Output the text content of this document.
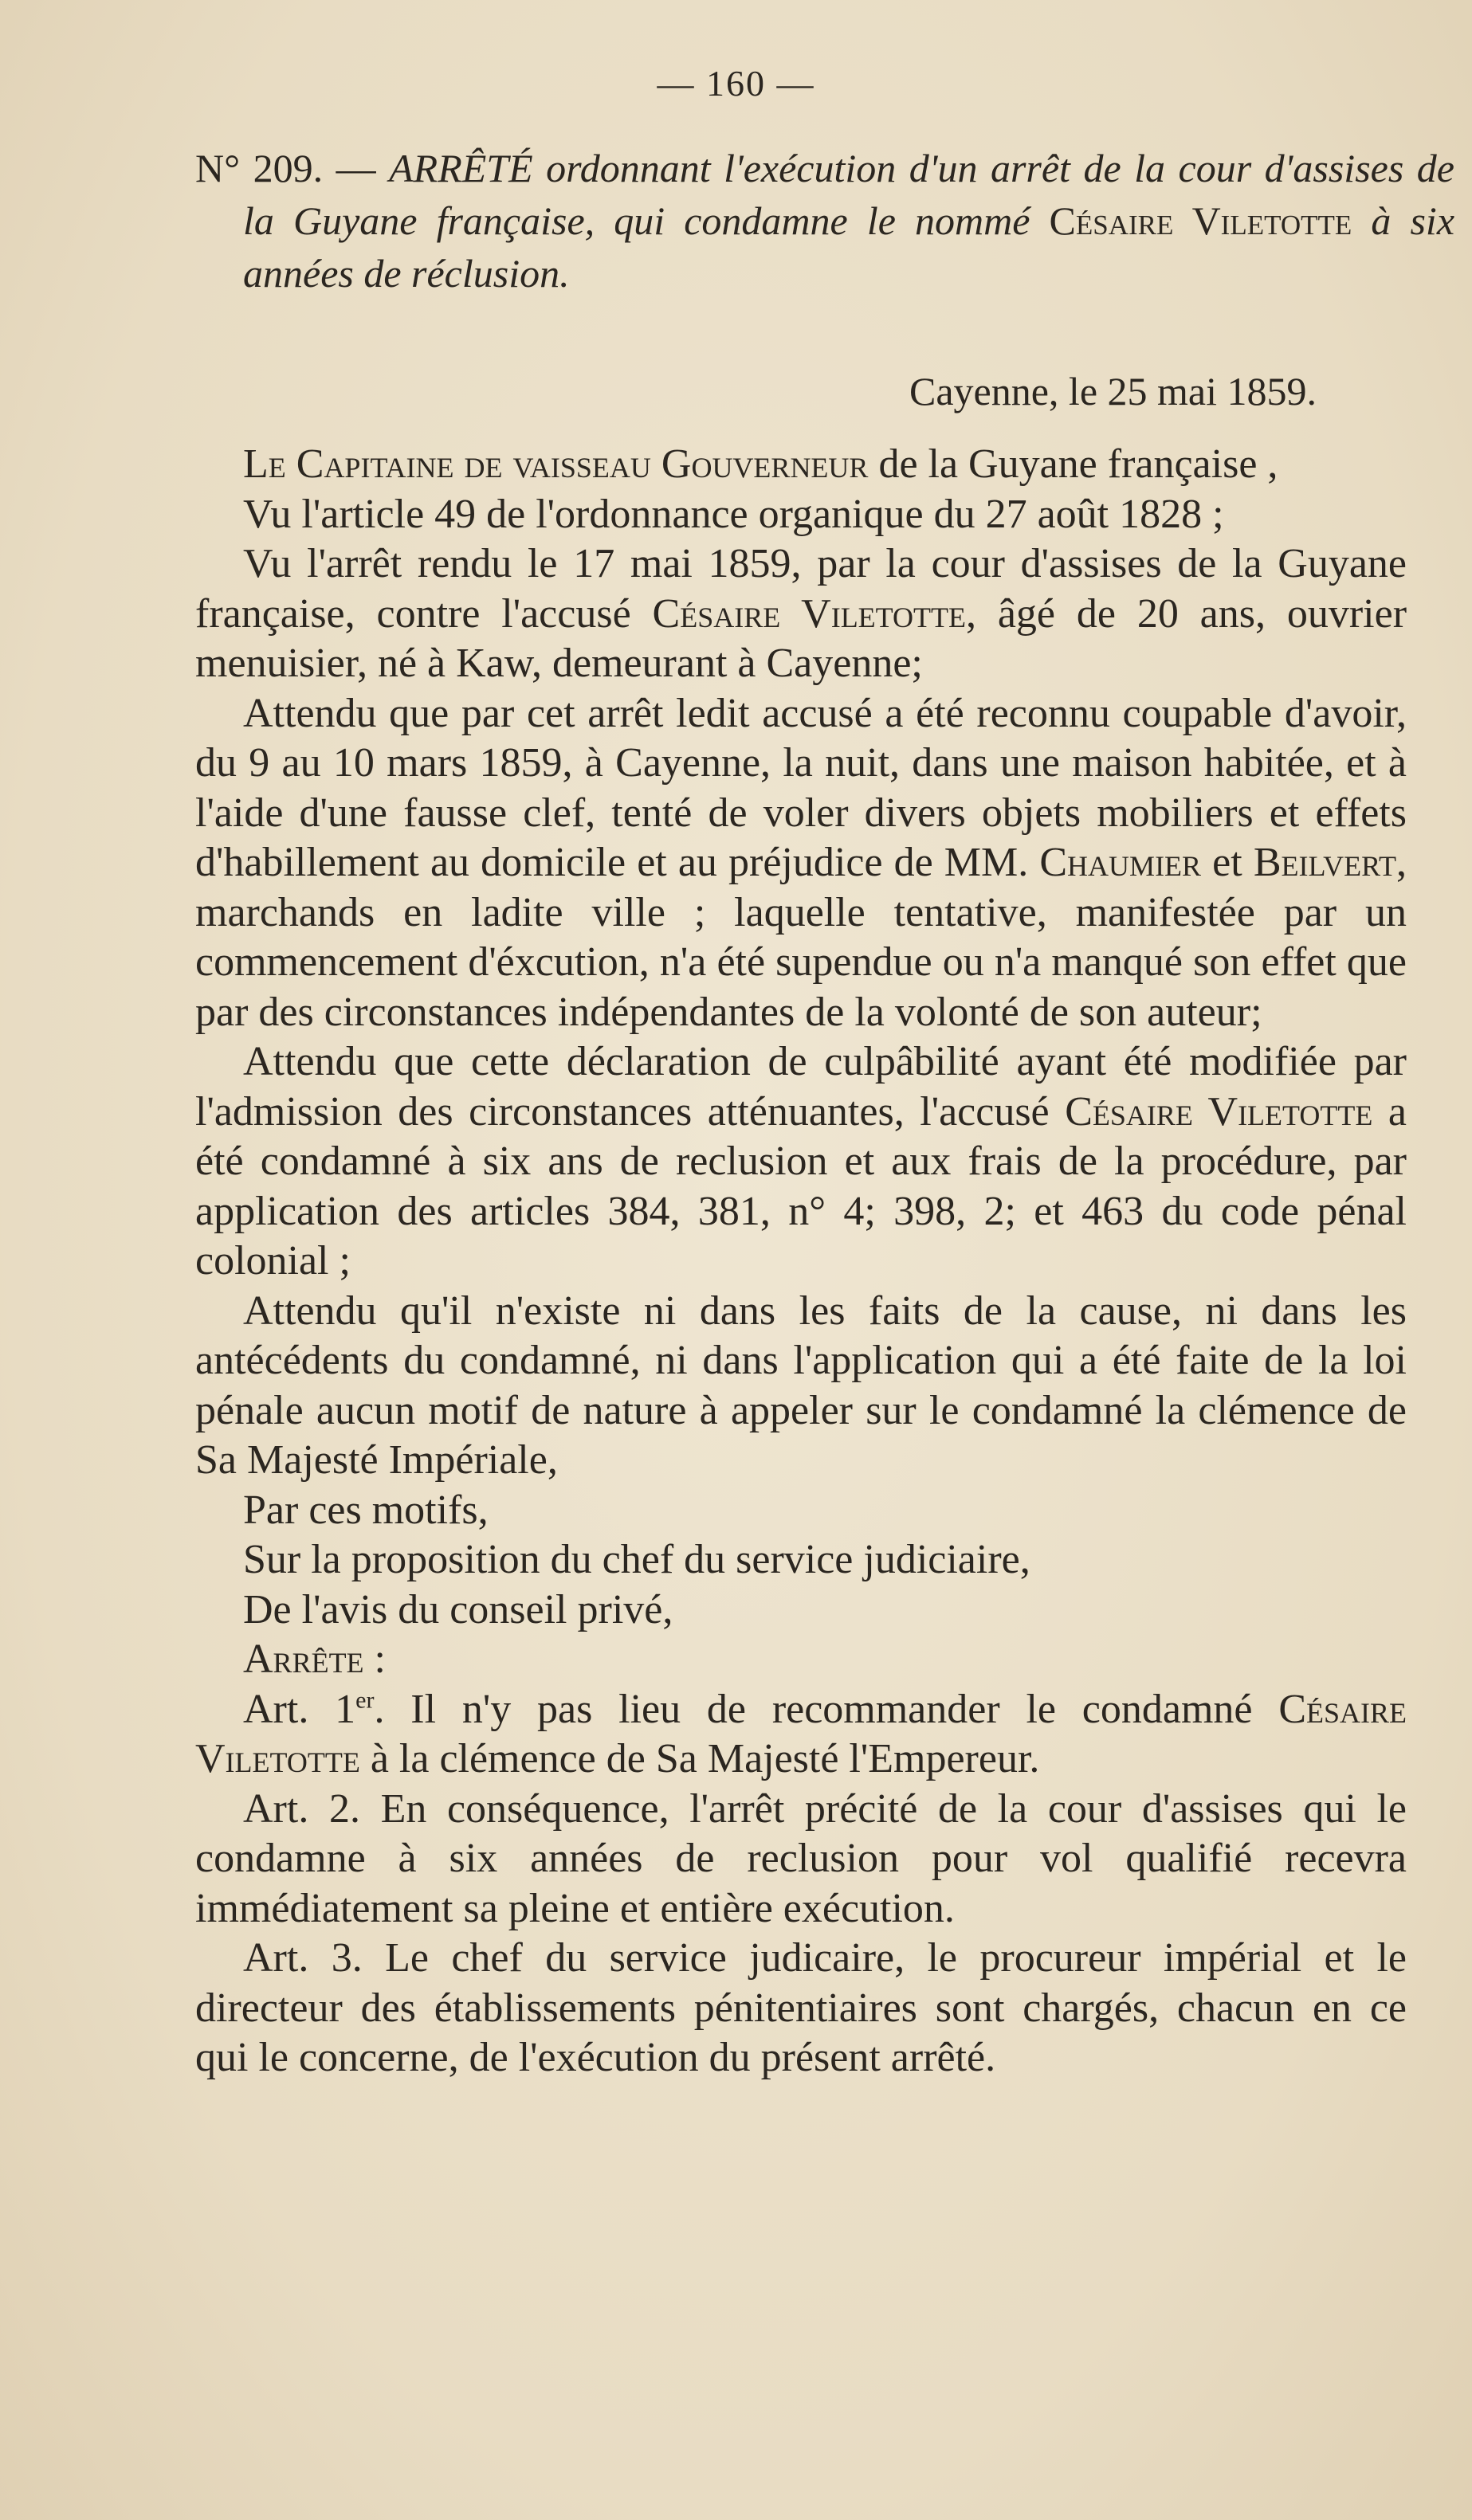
— 160 —
N° 209. — ARRÊTÉ ordonnant l'exécution d'un arrêt de la cour d'assises de la Guyane française, qui condamne le nommé Césaire Viletotte à six années de réclusion.
Cayenne, le 25 mai 1859.

Le Capitaine de vaisseau Gouverneur de la Guyane française ,

Vu l'article 49 de l'ordonnance organique du 27 août 1828 ;

Vu l'arrêt rendu le 17 mai 1859, par la cour d'assises de la Guyane française, contre l'accusé Césaire Viletotte, âgé de 20 ans, ouvrier menuisier, né à Kaw, demeurant à Cayenne;

Attendu que par cet arrêt ledit accusé a été reconnu coupable d'avoir, du 9 au 10 mars 1859, à Cayenne, la nuit, dans une maison habitée, et à l'aide d'une fausse clef, tenté de voler divers objets mobiliers et effets d'habillement au domicile et au préjudice de MM. Chaumier et Beilvert, marchands en ladite ville ; laquelle tentative, manifestée par un commencement d'éxcution, n'a été supendue ou n'a manqué son effet que par des circonstances indépendantes de la volonté de son auteur;

Attendu que cette déclaration de culpâbilité ayant été modifiée par l'admission des circonstances atténuantes, l'accusé Césaire Viletotte a été condamné à six ans de reclusion et aux frais de la procédure, par application des articles 384, 381, n° 4; 398, 2; et 463 du code pénal colonial ;

Attendu qu'il n'existe ni dans les faits de la cause, ni dans les antécédents du condamné, ni dans l'application qui a été faite de la loi pénale aucun motif de nature à appeler sur le condamné la clémence de Sa Majesté Impériale,

Par ces motifs,

Sur la proposition du chef du service judiciaire,

De l'avis du conseil privé,

Arrête :

Art. 1er. Il n'y pas lieu de recommander le condamné Césaire Viletotte à la clémence de Sa Majesté l'Empereur.

Art. 2. En conséquence, l'arrêt précité de la cour d'assises qui le condamne à six années de reclusion pour vol qualifié recevra immédiatement sa pleine et entière exécution.

Art. 3. Le chef du service judicaire, le procureur impérial et le directeur des établissements pénitentiaires sont chargés, chacun en ce qui le concerne, de l'exécution du présent arrêté.
